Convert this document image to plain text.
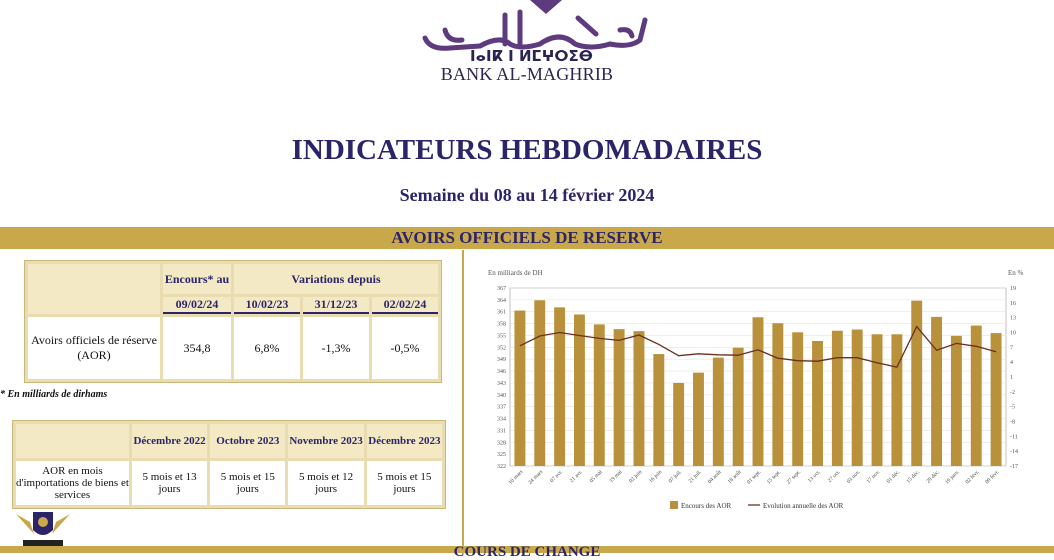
ⵏⴰⵏⴽ ⵏ ⵍⵎⵖⵔⵉⴱ
BANK AL-MAGHRIB
INDICATEURS HEBDOMADAIRES
Semaine du 08 au 14 février 2024
AVOIRS OFFICIELS DE RESERVE
	Encours* au	Variations depuis		
	09/02/24	10/02/23	31/12/23	02/02/24
Avoirs officiels de réserve (AOR)	354,8	6,8%	-1,3%	-0,5%
* En milliards de dirhams
	Décembre 2022	Octobre 2023	Novembre 2023	Décembre 2023
AOR en mois d'importations de biens et services	5 mois et 13 jours	5 mois et 15 jours	5 mois et 12 jours	5 mois et 15 jours
En milliards de DH	En %
322
325
328
331
334
337
340
343
346
349
352
355
358
361
364
367
-17
-14
-11
-8
-5
-2
1
4
7
10
13
16
19
10 mars 24 mars 07 avr. 21 avr. 05 mai 19 mai 02 juin 16 juin 07 juil. 21 juil. 04 août 18 août 01 sept. 15 sept. 27 sept. 13 oct. 27 oct. 03 nov. 17 nov. 01 déc. 15 déc. 29 déc. 19 janv. 02 févr. 09 févr.
Encours des AOR	Evolution annuelle des AOR
COURS DE CHANGE
